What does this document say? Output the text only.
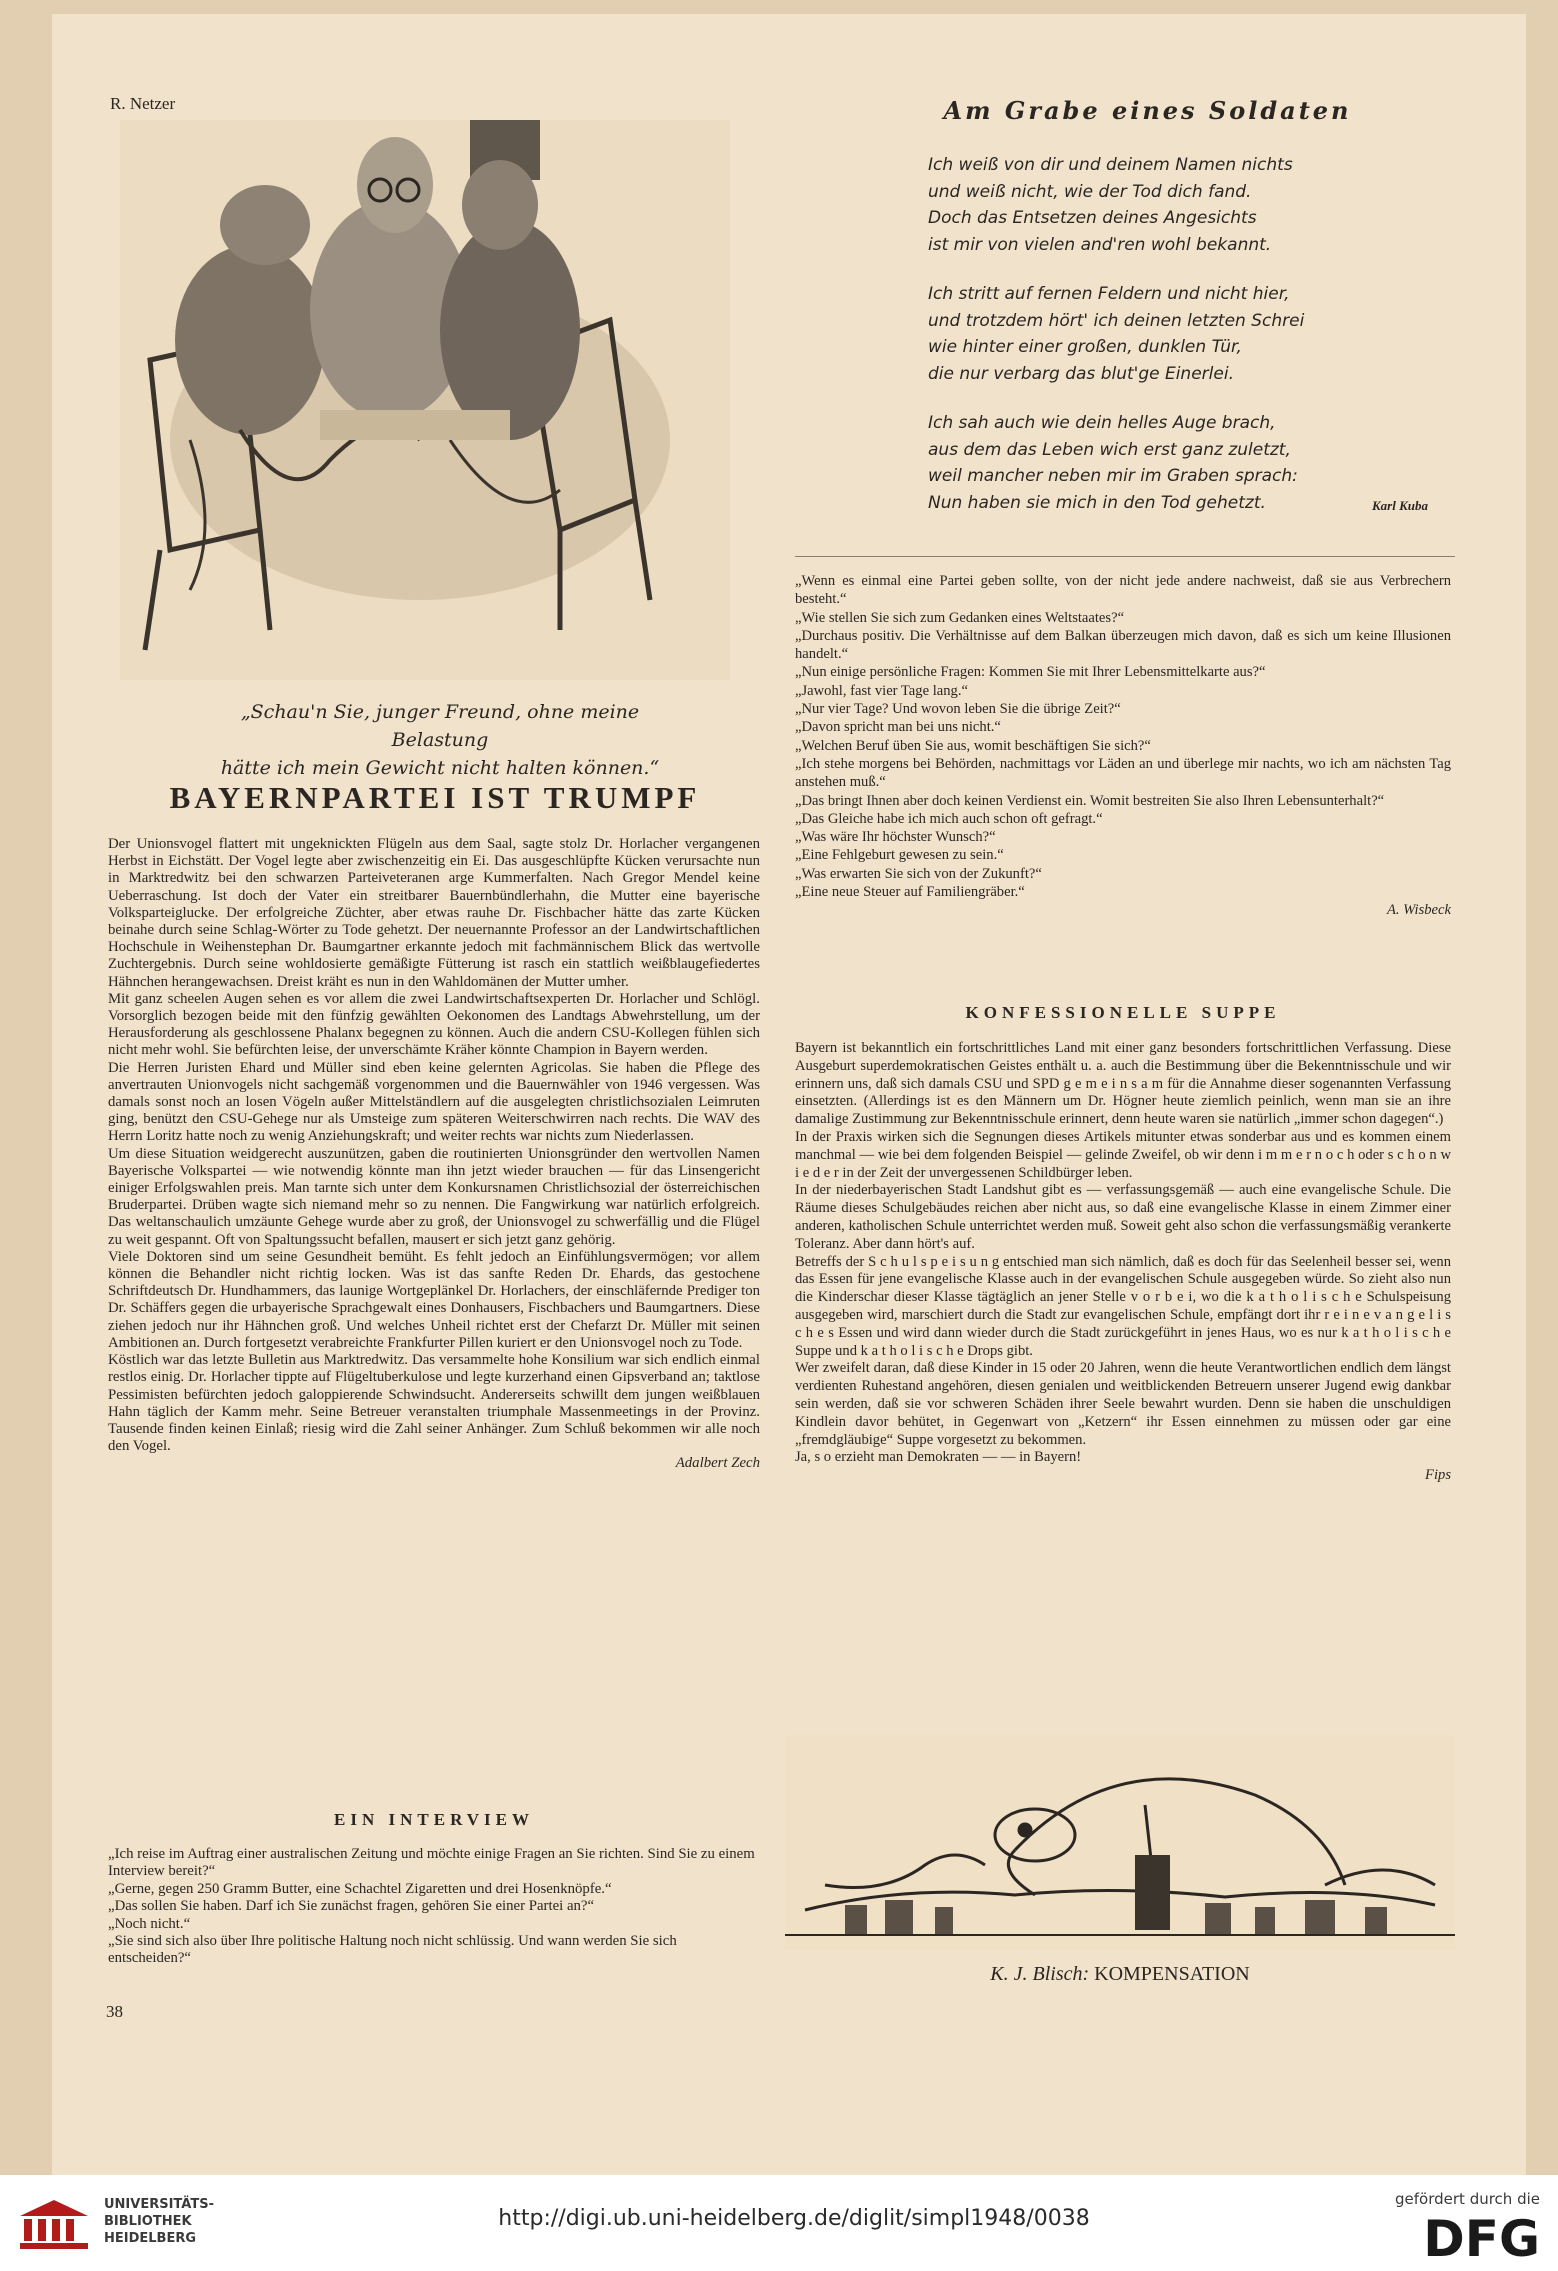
R. Netzer
„Schau'n Sie, junger Freund, ohne meine Belastung
hätte ich mein Gewicht nicht halten können.“
BAYERNPARTEI IST TRUMPF

Der Unionsvogel flattert mit ungeknickten Flügeln aus dem Saal, sagte stolz Dr. Horlacher vergangenen Herbst in Eichstätt. Der Vogel legte aber zwischenzeitig ein Ei. Das ausgeschlüpfte Kücken verursachte nun in Marktredwitz bei den schwarzen Parteiveteranen arge Kummerfalten. Nach Gregor Mendel keine Ueberraschung. Ist doch der Vater ein streitbarer Bauernbündlerhahn, die Mutter eine bayerische Volksparteiglucke. Der erfolgreiche Züchter, aber etwas rauhe Dr. Fischbacher hätte das zarte Kücken beinahe durch seine Schlag-Wörter zu Tode gehetzt. Der neuernannte Professor an der Landwirtschaftlichen Hochschule in Weihenstephan Dr. Baumgartner erkannte jedoch mit fachmännischem Blick das wertvolle Zuchtergebnis. Durch seine wohldosierte gemäßigte Fütterung ist rasch ein stattlich weißblaugefiedertes Hähnchen herangewachsen. Dreist kräht es nun in den Wahldomänen der Mutter umher.

Mit ganz scheelen Augen sehen es vor allem die zwei Landwirtschaftsexperten Dr. Horlacher und Schlögl. Vorsorglich bezogen beide mit den fünfzig gewählten Oekonomen des Landtags Abwehrstellung, um der Herausforderung als geschlossene Phalanx begegnen zu können. Auch die andern CSU-Kollegen fühlen sich nicht mehr wohl. Sie befürchten leise, der unverschämte Kräher könnte Champion in Bayern werden.

Die Herren Juristen Ehard und Müller sind eben keine gelernten Agricolas. Sie haben die Pflege des anvertrauten Unionvogels nicht sachgemäß vorgenommen und die Bauernwähler von 1946 vergessen. Was damals sonst noch an losen Vögeln außer Mittelständlern auf die ausgelegten christlichsozialen Leimruten ging, benützt den CSU-Gehege nur als Umsteige zum späteren Weiterschwirren nach rechts. Die WAV des Herrn Loritz hatte noch zu wenig Anziehungskraft; und weiter rechts war nichts zum Niederlassen.

Um diese Situation weidgerecht auszunützen, gaben die routinierten Unionsgründer den wertvollen Namen Bayerische Volkspartei — wie notwendig könnte man ihn jetzt wieder brauchen — für das Linsengericht einiger Erfolgswahlen preis. Man tarnte sich unter dem Konkursnamen Christlichsozial der österreichischen Bruderpartei. Drüben wagte sich niemand mehr so zu nennen. Die Fangwirkung war natürlich erfolgreich. Das weltanschaulich umzäunte Gehege wurde aber zu groß, der Unionsvogel zu schwerfällig und die Flügel zu weit gespannt. Oft von Spaltungssucht befallen, mausert er sich jetzt ganz gehörig.

Viele Doktoren sind um seine Gesundheit bemüht. Es fehlt jedoch an Einfühlungsvermögen; vor allem können die Behandler nicht richtig locken. Was ist das sanfte Reden Dr. Ehards, das gestochene Schriftdeutsch Dr. Hundhammers, das launige Wortgeplänkel Dr. Horlachers, der einschläfernde Prediger ton Dr. Schäffers gegen die urbayerische Sprachgewalt eines Donhausers, Fischbachers und Baumgartners. Diese ziehen jedoch nur ihr Hähnchen groß. Und welches Unheil richtet erst der Chefarzt Dr. Müller mit seinen Ambitionen an. Durch fortgesetzt verabreichte Frankfurter Pillen kuriert er den Unionsvogel noch zu Tode.

Köstlich war das letzte Bulletin aus Marktredwitz. Das versammelte hohe Konsilium war sich endlich einmal restlos einig. Dr. Horlacher tippte auf Flügeltuberkulose und legte kurzerhand einen Gipsverband an; taktlose Pessimisten befürchten jedoch galoppierende Schwindsucht. Andererseits schwillt dem jungen weißblauen Hahn täglich der Kamm mehr. Seine Betreuer veranstalten triumphale Massenmeetings in der Provinz. Tausende finden keinen Einlaß; riesig wird die Zahl seiner Anhänger. Zum Schluß bekommen wir alle noch den Vogel.

Adalbert Zech

EIN INTERVIEW

„Ich reise im Auftrag einer australischen Zeitung und möchte einige Fragen an Sie richten. Sind Sie zu einem Interview bereit?“

„Gerne, gegen 250 Gramm Butter, eine Schachtel Zigaretten und drei Hosenknöpfe.“

„Das sollen Sie haben. Darf ich Sie zunächst fragen, gehören Sie einer Partei an?“

„Noch nicht.“

„Sie sind sich also über Ihre politische Haltung noch nicht schlüssig. Und wann werden Sie sich entscheiden?“

38
Am Grabe eines Soldaten

Ich weiß von dir und deinem Namen nichts

und weiß nicht, wie der Tod dich fand.

Doch das Entsetzen deines Angesichts

ist mir von vielen and'ren wohl bekannt.

Ich stritt auf fernen Feldern und nicht hier,

und trotzdem hört' ich deinen letzten Schrei

wie hinter einer großen, dunklen Tür,

die nur verbarg das blut'ge Einerlei.

Ich sah auch wie dein helles Auge brach,

aus dem das Leben wich erst ganz zuletzt,

weil mancher neben mir im Graben sprach:

Nun haben sie mich in den Tod gehetzt.	Karl Kuba

„Wenn es einmal eine Partei geben sollte, von der nicht jede andere nachweist, daß sie aus Verbrechern besteht.“

„Wie stellen Sie sich zum Gedanken eines Weltstaates?“

„Durchaus positiv. Die Verhältnisse auf dem Balkan überzeugen mich davon, daß es sich um keine Illusionen handelt.“

„Nun einige persönliche Fragen: Kommen Sie mit Ihrer Lebensmittelkarte aus?“

„Jawohl, fast vier Tage lang.“

„Nur vier Tage? Und wovon leben Sie die übrige Zeit?“

„Davon spricht man bei uns nicht.“

„Welchen Beruf üben Sie aus, womit beschäftigen Sie sich?“

„Ich stehe morgens bei Behörden, nachmittags vor Läden an und überlege mir nachts, wo ich am nächsten Tag anstehen muß.“

„Das bringt Ihnen aber doch keinen Verdienst ein. Womit bestreiten Sie also Ihren Lebensunterhalt?“

„Das Gleiche habe ich mich auch schon oft gefragt.“

„Was wäre Ihr höchster Wunsch?“

„Eine Fehlgeburt gewesen zu sein.“

„Was erwarten Sie sich von der Zukunft?“

„Eine neue Steuer auf Familiengräber.“

A. Wisbeck

KONFESSIONELLE SUPPE

Bayern ist bekanntlich ein fortschrittliches Land mit einer ganz besonders fortschrittlichen Verfassung. Diese Ausgeburt superdemokratischen Geistes enthält u. a. auch die Bestimmung über die Bekenntnisschule und wir erinnern uns, daß sich damals CSU und SPD g e m e i n s a m für die Annahme dieser sogenannten Verfassung einsetzten. (Allerdings ist es den Männern um Dr. Högner heute ziemlich peinlich, wenn man sie an ihre damalige Zustimmung zur Bekenntnisschule erinnert, denn heute waren sie natürlich „immer schon dagegen“.)

In der Praxis wirken sich die Segnungen dieses Artikels mitunter etwas sonderbar aus und es kommen einem manchmal — wie bei dem folgenden Beispiel — gelinde Zweifel, ob wir denn i m m e r n o c h oder s c h o n w i e d e r in der Zeit der unvergessenen Schildbürger leben.

In der niederbayerischen Stadt Landshut gibt es — verfassungsgemäß — auch eine evangelische Schule. Die Räume dieses Schulgebäudes reichen aber nicht aus, so daß eine evangelische Klasse in einem Zimmer einer anderen, katholischen Schule unterrichtet werden muß. Soweit geht also schon die verfassungsmäßig verankerte Toleranz. Aber dann hört's auf.

Betreffs der S c h u l s p e i s u n g entschied man sich nämlich, daß es doch für das Seelenheil besser sei, wenn das Essen für jene evangelische Klasse auch in der evangelischen Schule ausgegeben würde. So zieht also nun die Kinderschar dieser Klasse tägtäglich an jener Stelle v o r b e i, wo die k a t h o l i s c h e Schulspeisung ausgegeben wird, marschiert durch die Stadt zur evangelischen Schule, empfängt dort ihr r e i n e v a n g e l i s c h e s Essen und wird dann wieder durch die Stadt zurückgeführt in jenes Haus, wo es nur k a t h o l i s c h e Suppe und k a t h o l i s c h e Drops gibt.

Wer zweifelt daran, daß diese Kinder in 15 oder 20 Jahren, wenn die heute Verantwortlichen endlich dem längst verdienten Ruhestand angehören, diesen genialen und weitblickenden Betreuern unserer Jugend ewig dankbar sein werden, daß sie vor schweren Schäden ihrer Seele bewahrt wurden. Denn sie haben die unschuldigen Kindlein davor behütet, in Gegenwart von „Ketzern“ ihr Essen einnehmen zu müssen oder gar eine „fremdgläubige“ Suppe vorgesetzt zu bekommen.

Ja, s o erzieht man Demokraten — — in Bayern!

Fips

K. J. Blisch: KOMPENSATION
UNIVERSITÄTS-
BIBLIOTHEK
HEIDELBERG
http://digi.ub.uni-heidelberg.de/diglit/simpl1948/0038
gefördert durch die
DFG
